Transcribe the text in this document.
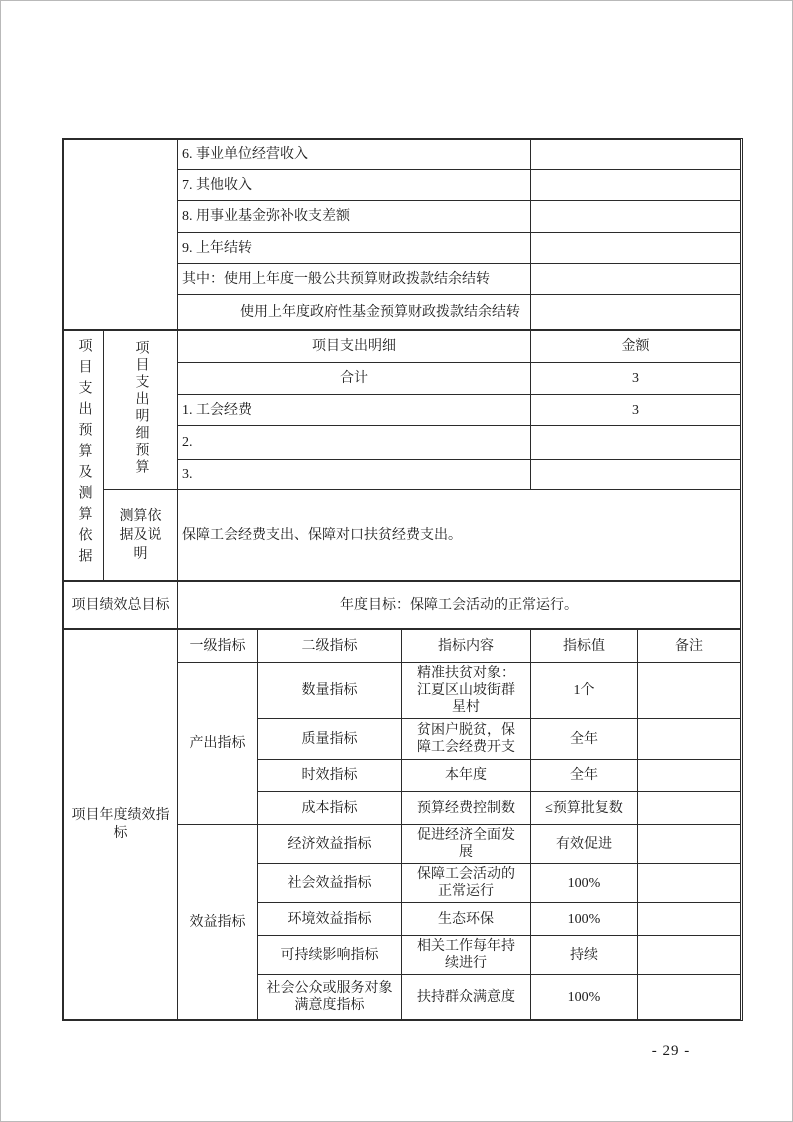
	6. 事业单位经营收入	
	7. 其他收入	
	8. 用事业基金弥补收支差额	
	9. 上年结转	
	其中：使用上年度一般公共预算财政拨款结余结转	
	使用上年度政府性基金预算财政拨款结余结转	
项目支出预算及测算依据	项目支出明细预算	项目支出明细	金额
		合计	3
		1. 工会经费	3
		2.	
		3.	
	测算依据及说明	保障工会经费支出、保障对口扶贫经费支出。	
项目绩效总目标	年度目标：保障工会活动的正常运行。
项目年度绩效指标	一级指标	二级指标	指标内容	指标值	备注
	产出指标	数量指标	精准扶贫对象：江夏区山坡街群星村	1个	
		质量指标	贫困户脱贫，保障工会经费开支	全年	
		时效指标	本年度	全年	
		成本指标	预算经费控制数	≤预算批复数	
	效益指标	经济效益指标	促进经济全面发展	有效促进	
		社会效益指标	保障工会活动的正常运行	100%	
		环境效益指标	生态环保	100%	
		可持续影响指标	相关工作每年持续进行	持续	
		社会公众或服务对象满意度指标	扶持群众满意度	100%	
- 29 -
